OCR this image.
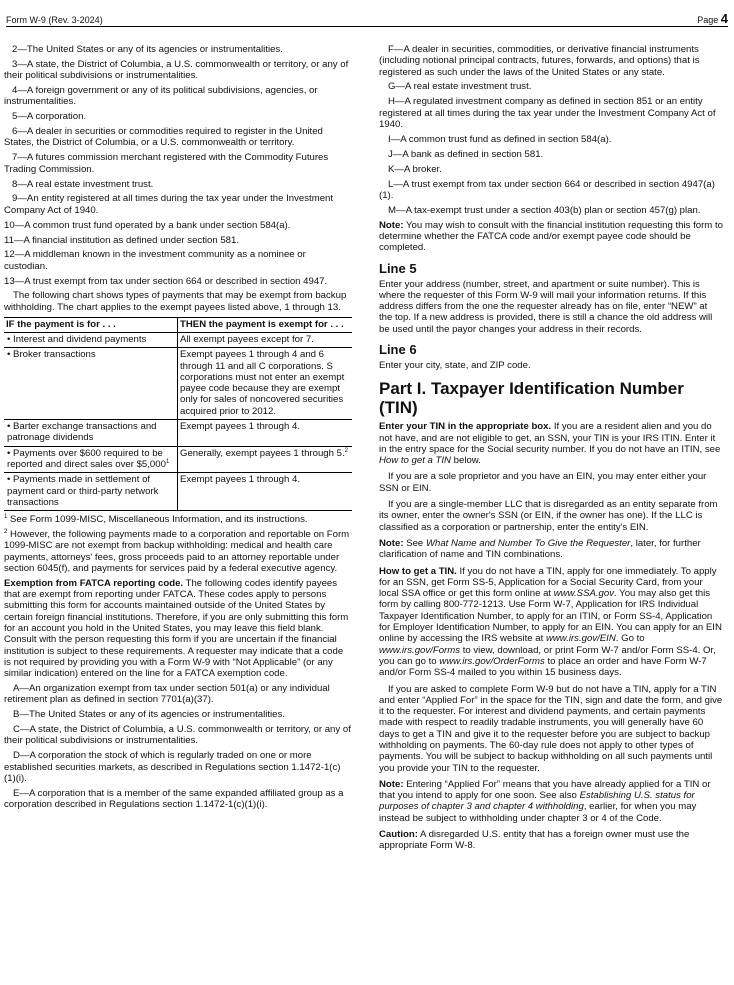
Form W-9 (Rev. 3-2024)	Page 4

2—The United States or any of its agencies or instrumentalities.

3—A state, the District of Columbia, a U.S. commonwealth or territory, or any of their political subdivisions or instrumentalities.

4—A foreign government or any of its political subdivisions, agencies, or instrumentalities.

5—A corporation.

6—A dealer in securities or commodities required to register in the United States, the District of Columbia, or a U.S. commonwealth or territory.

7—A futures commission merchant registered with the Commodity Futures Trading Commission.

8—A real estate investment trust.

9—An entity registered at all times during the tax year under the Investment Company Act of 1940.

10—A common trust fund operated by a bank under section 584(a).

11—A financial institution as defined under section 581.

12—A middleman known in the investment community as a nominee or custodian.

13—A trust exempt from tax under section 664 or described in section 4947.

The following chart shows types of payments that may be exempt from backup withholding. The chart applies to the exempt payees listed above, 1 through 13.

IF the payment is for . . .	THEN the payment is exempt for . . .
• Interest and dividend payments	All exempt payees except for 7.
• Broker transactions	Exempt payees 1 through 4 and 6 through 11 and all C corporations. S corporations must not enter an exempt payee code because they are exempt only for sales of noncovered securities acquired prior to 2012.
• Barter exchange transactions and patronage dividends	Exempt payees 1 through 4.
• Payments over $600 required to be reported and direct sales over $5,000$^1$	Generally, exempt payees 1 through 5.$^2$
• Payments made in settlement of payment card or third-party network transactions	Exempt payees 1 through 4.

$^1$ See Form 1099-MISC, Miscellaneous Information, and its instructions.

$^2$ However, the following payments made to a corporation and reportable on Form 1099-MISC are not exempt from backup withholding: medical and health care payments, attorneys' fees, gross proceeds paid to an attorney reportable under section 6045(f), and payments for services paid by a federal executive agency.

Exemption from FATCA reporting code. The following codes identify payees that are exempt from reporting under FATCA. These codes apply to persons submitting this form for accounts maintained outside of the United States by certain foreign financial institutions. Therefore, if you are only submitting this form for an account you hold in the United States, you may leave this field blank. Consult with the person requesting this form if you are uncertain if the financial institution is subject to these requirements. A requester may indicate that a code is not required by providing you with a Form W-9 with “Not Applicable” (or any similar indication) entered on the line for a FATCA exemption code.

A—An organization exempt from tax under section 501(a) or any individual retirement plan as defined in section 7701(a)(37).

B—The United States or any of its agencies or instrumentalities.

C—A state, the District of Columbia, a U.S. commonwealth or territory, or any of their political subdivisions or instrumentalities.

D—A corporation the stock of which is regularly traded on one or more established securities markets, as described in Regulations section 1.1472-1(c)(1)(i).

E—A corporation that is a member of the same expanded affiliated group as a corporation described in Regulations section 1.1472-1(c)(1)(i).

F—A dealer in securities, commodities, or derivative financial instruments (including notional principal contracts, futures, forwards, and options) that is registered as such under the laws of the United States or any state.

G—A real estate investment trust.

H—A regulated investment company as defined in section 851 or an entity registered at all times during the tax year under the Investment Company Act of 1940.

I—A common trust fund as defined in section 584(a).

J—A bank as defined in section 581.

K—A broker.

L—A trust exempt from tax under section 664 or described in section 4947(a)(1).

M—A tax-exempt trust under a section 403(b) plan or section 457(g) plan.

Note: You may wish to consult with the financial institution requesting this form to determine whether the FATCA code and/or exempt payee code should be completed.

Line 5

Enter your address (number, street, and apartment or suite number). This is where the requester of this Form W-9 will mail your information returns. If this address differs from the one the requester already has on file, enter “NEW” at the top. If a new address is provided, there is still a chance the old address will be used until the payor changes your address in their records.

Line 6

Enter your city, state, and ZIP code.

Part I. Taxpayer Identification Number (TIN)

Enter your TIN in the appropriate box. If you are a resident alien and you do not have, and are not eligible to get, an SSN, your TIN is your IRS ITIN. Enter it in the entry space for the Social security number. If you do not have an ITIN, see How to get a TIN below.

If you are a sole proprietor and you have an EIN, you may enter either your SSN or EIN.

If you are a single-member LLC that is disregarded as an entity separate from its owner, enter the owner's SSN (or EIN, if the owner has one). If the LLC is classified as a corporation or partnership, enter the entity's EIN.

Note: See What Name and Number To Give the Requester, later, for further clarification of name and TIN combinations.

How to get a TIN. If you do not have a TIN, apply for one immediately. To apply for an SSN, get Form SS-5, Application for a Social Security Card, from your local SSA office or get this form online at www.SSA.gov. You may also get this form by calling 800-772-1213. Use Form W-7, Application for IRS Individual Taxpayer Identification Number, to apply for an ITIN, or Form SS-4, Application for Employer Identification Number, to apply for an EIN. You can apply for an EIN online by accessing the IRS website at www.irs.gov/EIN. Go to www.irs.gov/Forms to view, download, or print Form W-7 and/or Form SS-4. Or, you can go to www.irs.gov/OrderForms to place an order and have Form W-7 and/or Form SS-4 mailed to you within 15 business days.

If you are asked to complete Form W-9 but do not have a TIN, apply for a TIN and enter “Applied For” in the space for the TIN, sign and date the form, and give it to the requester. For interest and dividend payments, and certain payments made with respect to readily tradable instruments, you will generally have 60 days to get a TIN and give it to the requester before you are subject to backup withholding on payments. The 60-day rule does not apply to other types of payments. You will be subject to backup withholding on all such payments until you provide your TIN to the requester.

Note: Entering “Applied For” means that you have already applied for a TIN or that you intend to apply for one soon. See also Establishing U.S. status for purposes of chapter 3 and chapter 4 withholding, earlier, for when you may instead be subject to withholding under chapter 3 or 4 of the Code.

Caution: A disregarded U.S. entity that has a foreign owner must use the appropriate Form W-8.
